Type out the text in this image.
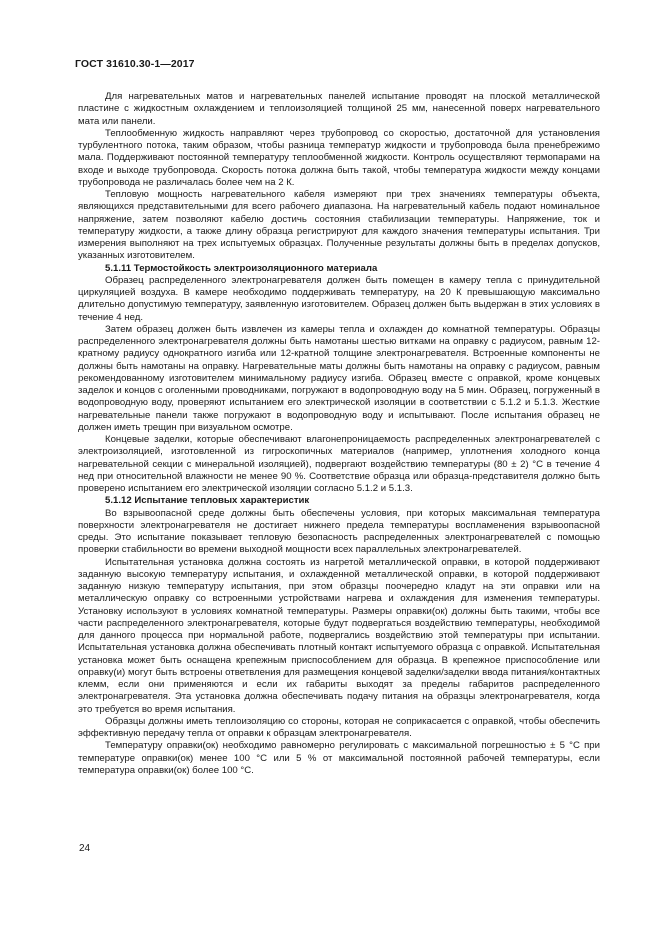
ГОСТ 31610.30-1—2017

Для нагревательных матов и нагревательных панелей испытание проводят на плоской металлической пластине с жидкостным охлаждением и теплоизоляцией толщиной 25 мм, нанесенной поверх нагревательного мата или панели.

Теплообменную жидкость направляют через трубопровод со скоростью, достаточной для установления турбулентного потока, таким образом, чтобы разница температур жидкости и трубопровода была пренебрежимо мала. Поддерживают постоянной температуру теплообменной жидкости. Контроль осуществляют термопарами на входе и выходе трубопровода. Скорость потока должна быть такой, чтобы температура жидкости между концами трубопровода не различалась более чем на 2 К.

Тепловую мощность нагревательного кабеля измеряют при трех значениях температуры объекта, являющихся представительными для всего рабочего диапазона. На нагревательный кабель подают номинальное напряжение, затем позволяют кабелю достичь состояния стабилизации температуры. Напряжение, ток и температуру жидкости, а также длину образца регистрируют для каждого значения температуры испытания. Три измерения выполняют на трех испытуемых образцах. Полученные результаты должны быть в пределах допусков, указанных изготовителем.

5.1.11 Термостойкость электроизоляционного материала

Образец распределенного электронагревателя должен быть помещен в камеру тепла с принудительной циркуляцией воздуха. В камере необходимо поддерживать температуру, на 20 К превышающую максимально длительно допустимую температуру, заявленную изготовителем. Образец должен быть выдержан в этих условиях в течение 4 нед.

Затем образец должен быть извлечен из камеры тепла и охлажден до комнатной температуры. Образцы распределенного электронагревателя должны быть намотаны шестью витками на оправку с радиусом, равным 12-кратному радиусу однократного изгиба или 12-кратной толщине электронагревателя. Встроенные компоненты не должны быть намотаны на оправку. Нагревательные маты должны быть намотаны на оправку с радиусом, равным рекомендованному изготовителем минимальному радиусу изгиба. Образец вместе с оправкой, кроме концевых заделок и концов с оголенными проводниками, погружают в водопроводную воду на 5 мин. Образец, погруженный в водопроводную воду, проверяют испытанием его электрической изоляции в соответствии с 5.1.2 и 5.1.3. Жесткие нагревательные панели также погружают в водопроводную воду и испытывают. После испытания образец не должен иметь трещин при визуальном осмотре.

Концевые заделки, которые обеспечивают влагонепроницаемость распределенных электронагревателей с электроизоляцией, изготовленной из гигроскопичных материалов (например, уплотнения холодного конца нагревательной секции с минеральной изоляцией), подвергают воздействию температуры (80 ± 2) °С в течение 4 нед при относительной влажности не менее 90 %. Соответствие образца или образца-представителя должно быть проверено испытанием его электрической изоляции согласно 5.1.2 и 5.1.3.

5.1.12 Испытание тепловых характеристик

Во взрывоопасной среде должны быть обеспечены условия, при которых максимальная температура поверхности электронагревателя не достигает нижнего предела температуры воспламенения взрывоопасной среды. Это испытание показывает тепловую безопасность распределенных электронагревателей с помощью проверки стабильности во времени выходной мощности всех параллельных электронагревателей.

Испытательная установка должна состоять из нагретой металлической оправки, в которой поддерживают заданную высокую температуру испытания, и охлажденной металлической оправки, в которой поддерживают заданную низкую температуру испытания, при этом образцы поочередно кладут на эти оправки или на металлическую оправку со встроенными устройствами нагрева и охлаждения для изменения температуры. Установку используют в условиях комнатной температуры. Размеры оправки(ок) должны быть такими, чтобы все части распределенного электронагревателя, которые будут подвергаться воздействию температуры, необходимой для данного процесса при нормальной работе, подвергались воздействию этой температуры при испытании. Испытательная установка должна обеспечивать плотный контакт испытуемого образца с оправкой. Испытательная установка может быть оснащена крепежным приспособлением для образца. В крепежное приспособление или оправку(и) могут быть встроены ответвления для размещения концевой заделки/заделки ввода питания/контактных клемм, если они применяются и если их габариты выходят за пределы габаритов распределенного электронагревателя. Эта установка должна обеспечивать подачу питания на образцы электронагревателя, когда это требуется во время испытания.

Образцы должны иметь теплоизоляцию со стороны, которая не соприкасается с оправкой, чтобы обеспечить эффективную передачу тепла от оправки к образцам электронагревателя.

Температуру оправки(ок) необходимо равномерно регулировать с максимальной погрешностью ± 5 °С при температуре оправки(ок) менее 100 °С или 5 % от максимальной постоянной рабочей температуры, если температура оправки(ок) более 100 °С.

24
